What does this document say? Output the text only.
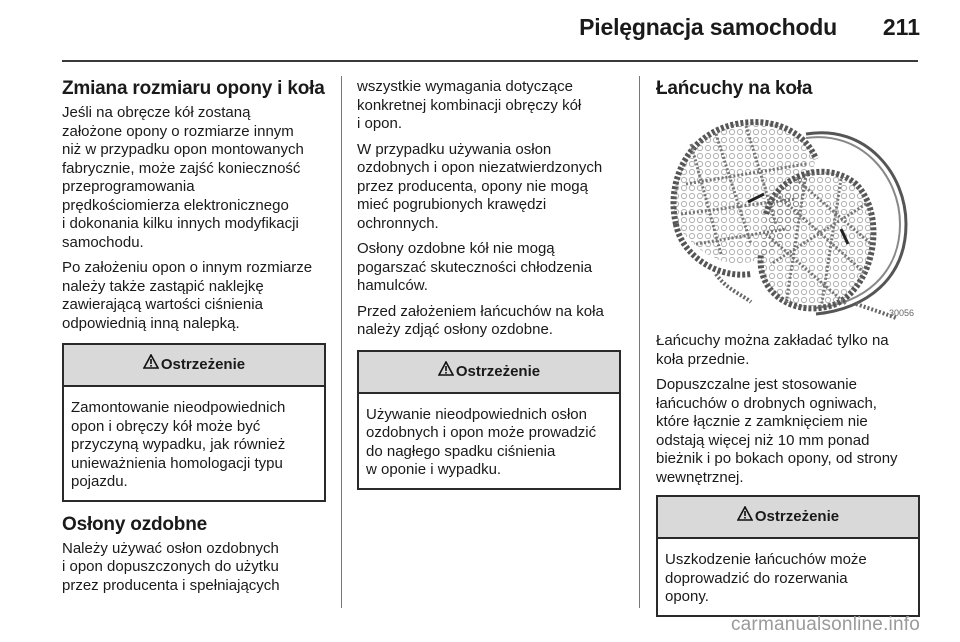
Pielęgnacja samochodu 211
Zmiana rozmiaru opony i koła

Jeśli na obręcze kół zostaną
założone opony o rozmiarze innym
niż w przypadku opon montowanych
fabrycznie, może zajść konieczność
przeprogramowania
prędkościomierza elektronicznego
i dokonania kilku innych modyfikacji
samochodu.

Po założeniu opon o innym rozmiarze
należy także zastąpić naklejkę
zawierającą wartości ciśnienia
odpowiednią inną nalepką.

Ostrzeżenie
Zamontowanie nieodpowiednich
opon i obręczy kół może być
przyczyną wypadku, jak również
unieważnienia homologacji typu
pojazdu.
Osłony ozdobne

Należy używać osłon ozdobnych
i opon dopuszczonych do użytku
przez producenta i spełniających

wszystkie wymagania dotyczące
konkretnej kombinacji obręczy kół
i opon.

W przypadku używania osłon
ozdobnych i opon niezatwierdzonych
przez producenta, opony nie mogą
mieć pogrubionych krawędzi
ochronnych.

Osłony ozdobne kół nie mogą
pogarszać skuteczności chłodzenia
hamulców.

Przed założeniem łańcuchów na koła
należy zdjąć osłony ozdobne.

Ostrzeżenie
Używanie nieodpowiednich osłon
ozdobnych i opon może prowadzić
do nagłego spadku ciśnienia
w oponie i wypadku.
Łańcuchy na koła
30056

Łańcuchy można zakładać tylko na
koła przednie.

Dopuszczalne jest stosowanie
łańcuchów o drobnych ogniwach,
które łącznie z zamknięciem nie
odstają więcej niż 10 mm ponad
bieżnik i po bokach opony, od strony
wewnętrznej.

Ostrzeżenie
Uszkodzenie łańcuchów może
doprowadzić do rozerwania
opony.
carmanualsonline.info
